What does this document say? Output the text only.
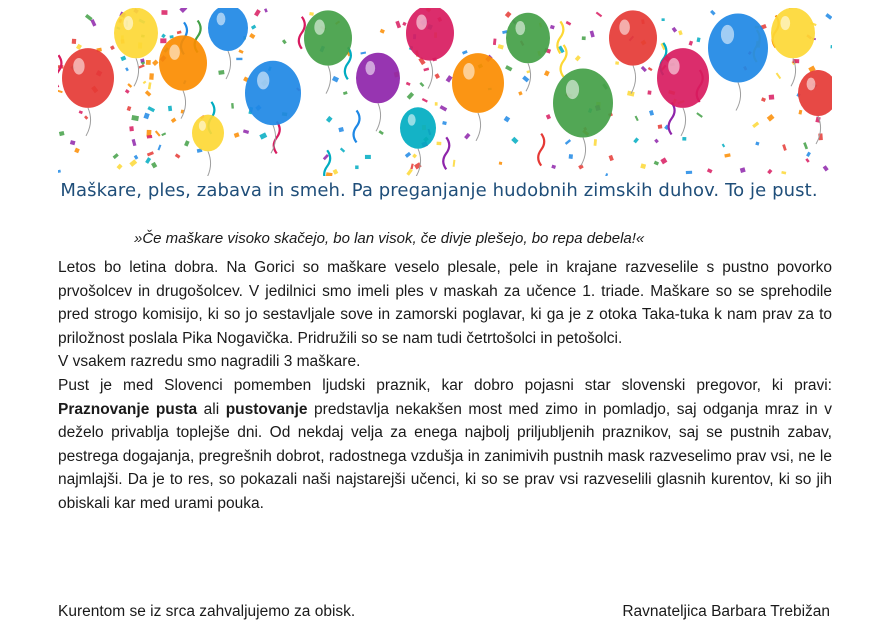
Maškare, ples, zabava in smeh. Pa preganjanje hudobnih zimskih duhov. To je pust.
»Če maškare visoko skačejo, bo lan visok, če divje plešejo, bo repa debela!«

Letos bo letina dobra. Na Gorici so maškare veselo plesale, pele in krajane razveselile s pustno povorko prvošolcev in drugošolcev. V jedilnici smo imeli ples v maskah za učence 1. triade. Maškare so se sprehodile pred strogo komisijo, ki so jo sestavljale sove in zamorski poglavar, ki ga je z otoka Taka-tuka k nam prav za to priložnost poslala Pika Nogavička. Pridružili so se nam tudi četrtošolci in petošolci.

V vsakem razredu smo nagradili 3 maškare.

Pust je med Slovenci pomemben ljudski praznik, kar dobro pojasni star slovenski pregovor, ki pravi: Praznovanje pusta ali pustovanje predstavlja nekakšen most med zimo in pomladjo, saj odganja mraz in v deželo privablja toplejše dni. Od nekdaj velja za enega najbolj priljubljenih praznikov, saj se pustnih zabav, pestrega dogajanja, pregrešnih dobrot, radostnega vzdušja in zanimivih pustnih mask razveselimo prav vsi, ne le najmlajši. Da je to res, so pokazali naši najstarejši učenci, ki so se prav vsi razveselili glasnih kurentov, ki so jih obiskali kar med urami pouka.

Kurentom se iz srca zahvaljujemo za obisk.	Ravnateljica Barbara Trebižan
